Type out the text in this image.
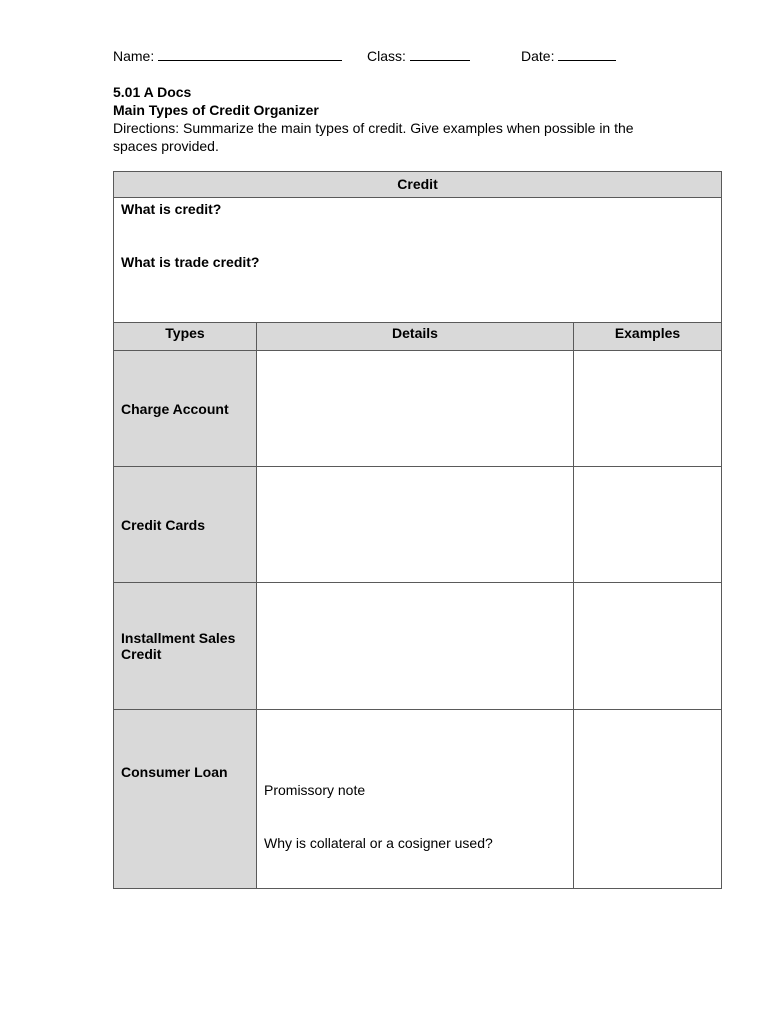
Name:	Class:	Date:
5.01 A Docs
Main Types of Credit Organizer
Directions: Summarize the main types of credit. Give examples when possible in the spaces provided.
Credit		

What is credit?
What is trade credit?		

Types	Details	Examples
Charge Account		
Credit Cards		
Installment Sales Credit		

Consumer Loan	Promissory note
Why is collateral or a cosigner used?	
